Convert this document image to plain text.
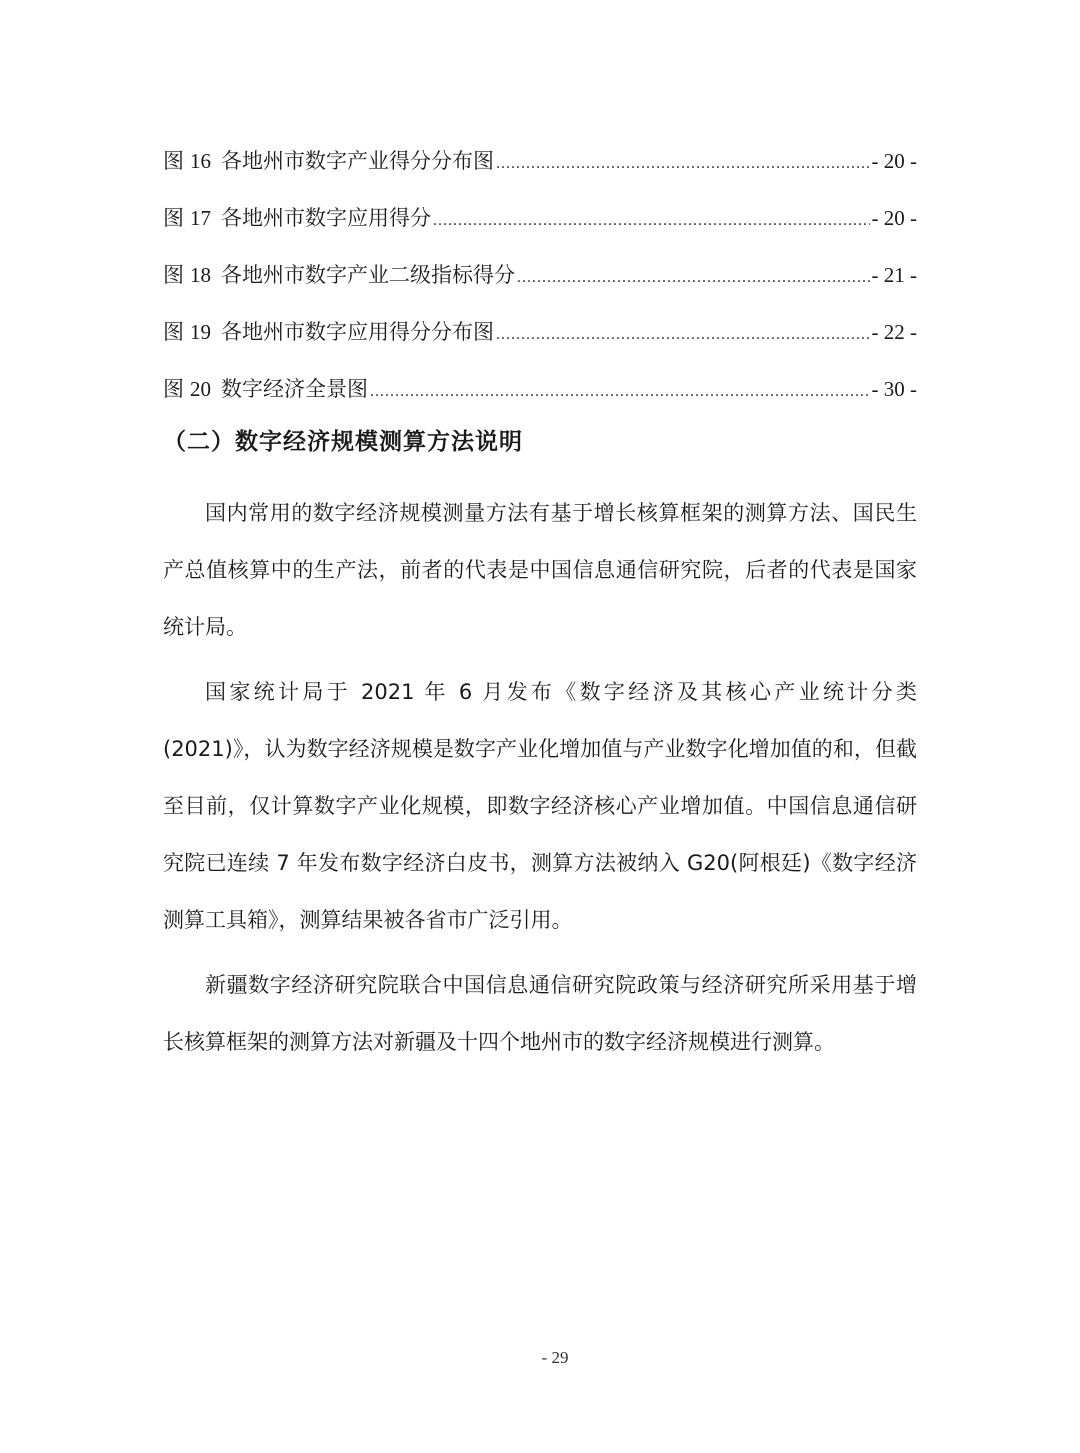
图 16 各地州市数字产业得分分布图 .....	- 20 -
图 17 各地州市数字应用得分 .....	- 20 -
图 18 各地州市数字产业二级指标得分 .....	- 21 -
图 19 各地州市数字应用得分分布图 .....	- 22 -
图 20 数字经济全景图 .....	- 30 -
（二）数字经济规模测算方法说明

国内常用的数字经济规模测量方法有基于增长核算框架的测算方法、国民生产总值核算中的生产法，前者的代表是中国信息通信研究院，后者的代表是国家统计局。

国家统计局于 2021 年 6 月发布《数字经济及其核心产业统计分类(2021)》，认为数字经济规模是数字产业化增加值与产业数字化增加值的和，但截至目前，仅计算数字产业化规模，即数字经济核心产业增加值。中国信息通信研究院已连续 7 年发布数字经济白皮书，测算方法被纳入 G20(阿根廷)《数字经济测算工具箱》，测算结果被各省市广泛引用。

新疆数字经济研究院联合中国信息通信研究院政策与经济研究所采用基于增长核算框架的测算方法对新疆及十四个地州市的数字经济规模进行测算。

- 29
